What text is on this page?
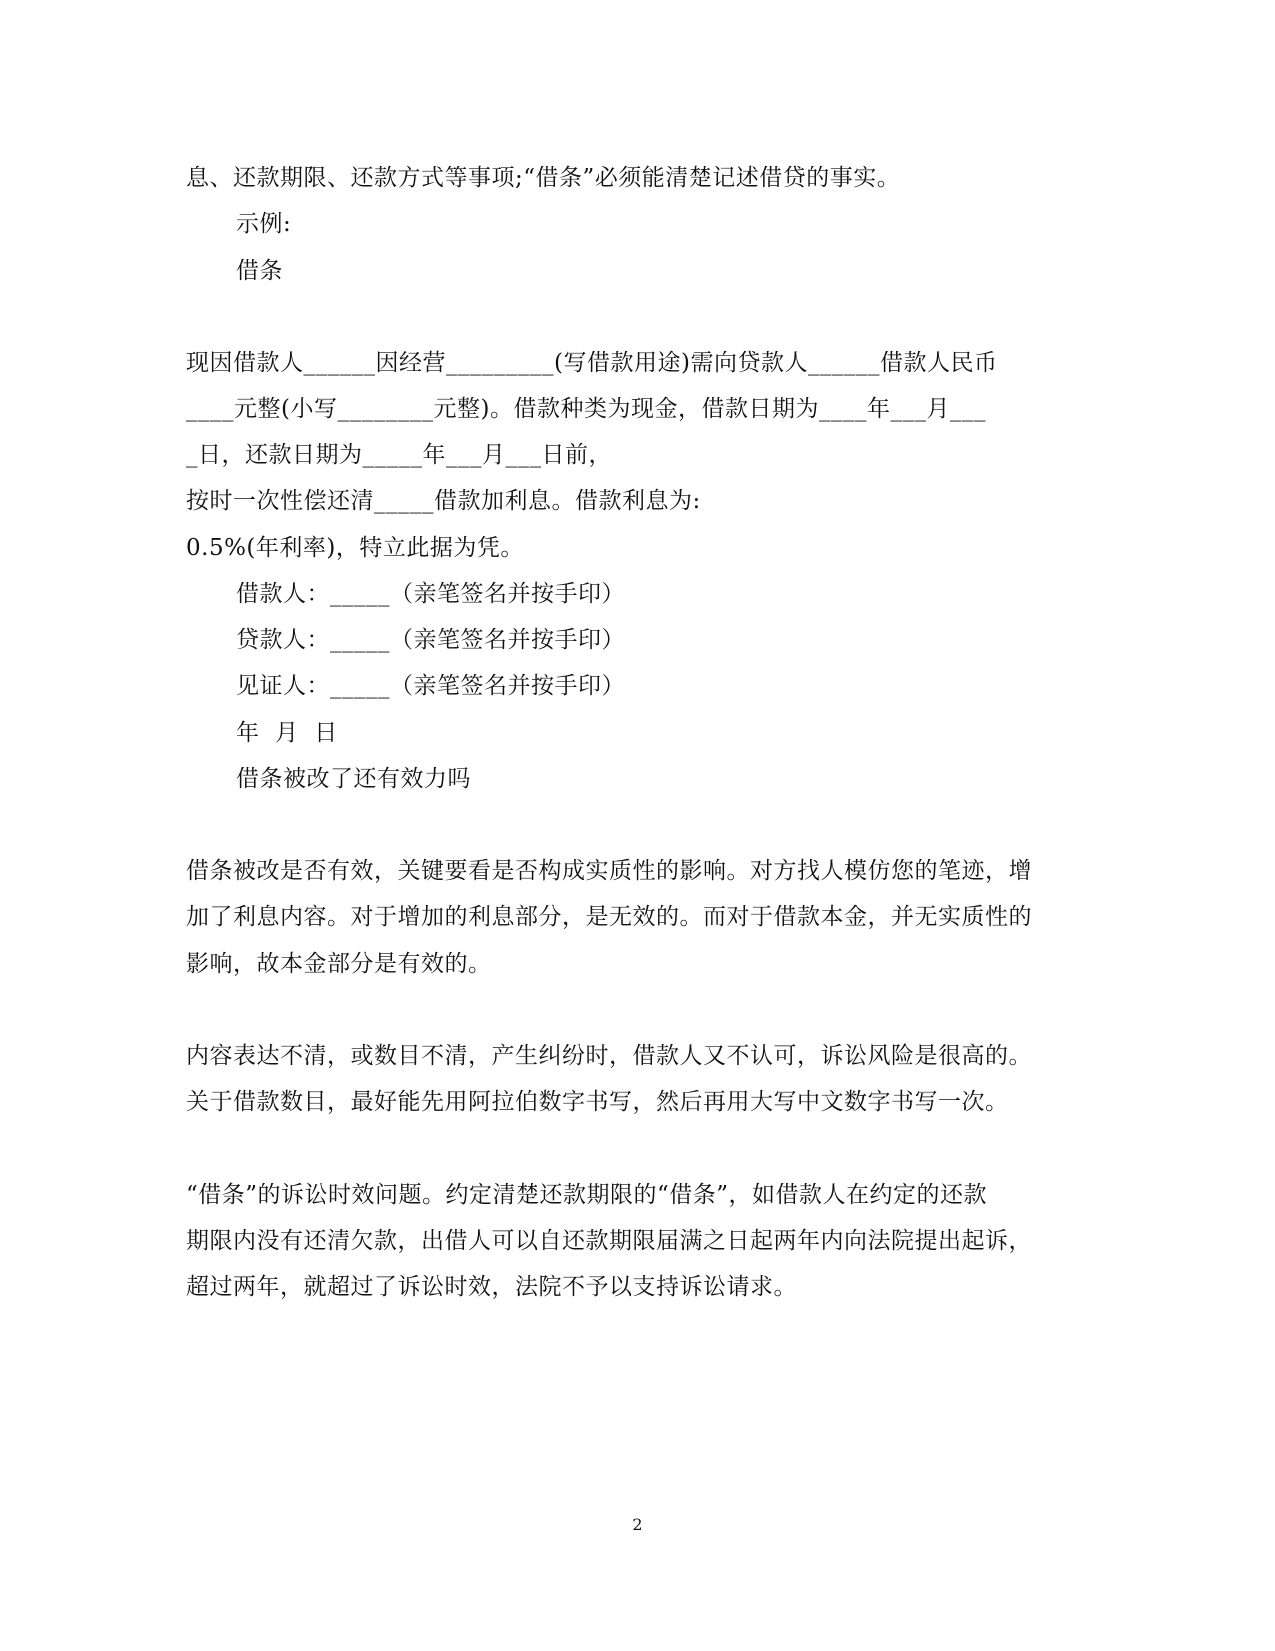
息、还款期限、还款方式等事项;“借条”必须能清楚记述借贷的事实。
示例:
借条
现因借款人______因经营_________(写借款用途)需向贷款人______借款人民币
____元整(小写________元整)。借款种类为现金，借款日期为____年___月___
_日，还款日期为_____年___月___日前，
按时一次性偿还清_____借款加利息。借款利息为:
0.5%(年利率)，特立此据为凭。
借款人：_____（亲笔签名并按手印）
贷款人：_____（亲笔签名并按手印）
见证人：_____（亲笔签名并按手印）
年  月  日
借条被改了还有效力吗
借条被改是否有效，关键要看是否构成实质性的影响。对方找人模仿您的笔迹，增
加了利息内容。对于增加的利息部分，是无效的。而对于借款本金，并无实质性的
影响，故本金部分是有效的。
内容表达不清，或数目不清，产生纠纷时，借款人又不认可，诉讼风险是很高的。
关于借款数目，最好能先用阿拉伯数字书写，然后再用大写中文数字书写一次。
“借条”的诉讼时效问题。约定清楚还款期限的“借条”，如借款人在约定的还款
期限内没有还清欠款，出借人可以自还款期限届满之日起两年内向法院提出起诉，
超过两年，就超过了诉讼时效，法院不予以支持诉讼请求。
2
